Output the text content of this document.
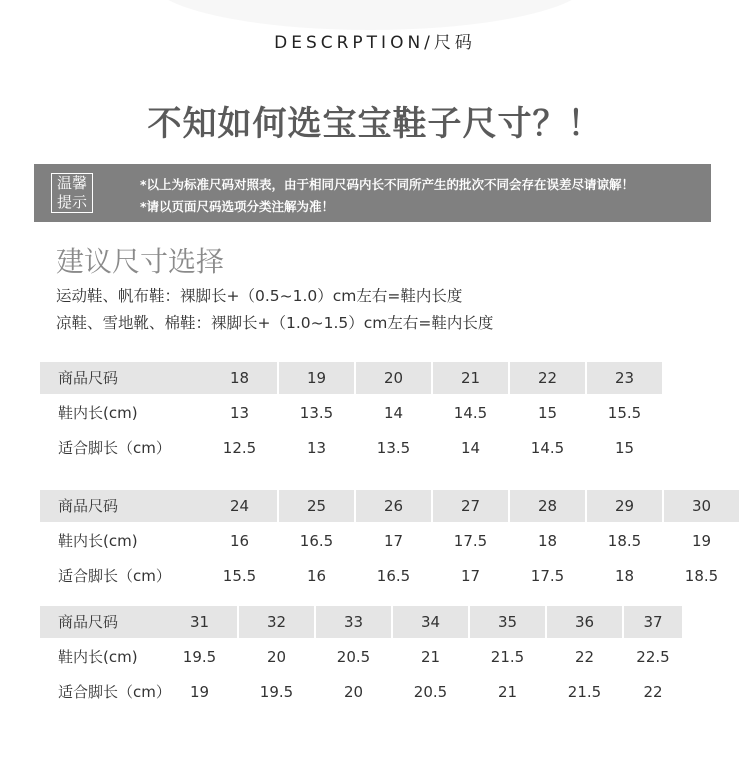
DESCRPTION/尺码
不知如何选宝宝鞋子尺寸？！
温馨
提示
*以上为标准尺码对照表，由于相同尺码内长不同所产生的批次不同会存在误差尽请谅解！
*请以页面尺码选项分类注解为准！
建议尺寸选择
运动鞋、帆布鞋：裸脚长+（0.5~1.0）cm左右=鞋内长度
凉鞋、雪地靴、棉鞋：裸脚长+（1.0~1.5）cm左右=鞋内长度
商品尺码	18	19	20	21	22	23
鞋内长(cm)	13	13.5	14	14.5	15	15.5
适合脚长（cm）	12.5	13	13.5	14	14.5	15
商品尺码	24	25	26	27	28	29	30
鞋内长(cm)	16	16.5	17	17.5	18	18.5	19
适合脚长（cm）	15.5	16	16.5	17	17.5	18	18.5
商品尺码	31	32	33	34	35	36	37
鞋内长(cm)	19.5	20	20.5	21	21.5	22	22.5
适合脚长（cm）	19	19.5	20	20.5	21	21.5	22
